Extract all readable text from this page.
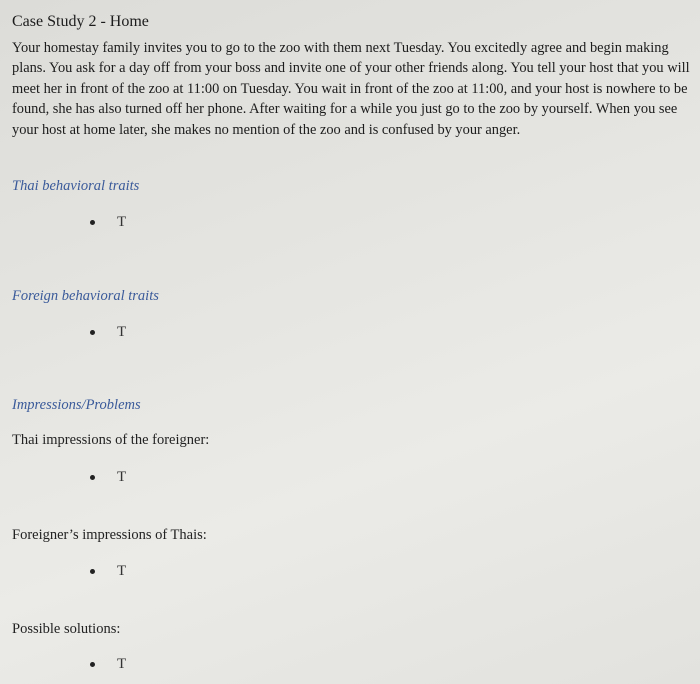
Case Study 2 - Home
Your homestay family invites you to go to the zoo with them next Tuesday. You excitedly agree and begin making plans. You ask for a day off from your boss and invite one of your other friends along. You tell your host that you will meet her in front of the zoo at 11:00 on Tuesday. You wait in front of the zoo at 11:00, and your host is nowhere to be found, she has also turned off her phone. After waiting for a while you just go to the zoo by yourself. When you see your host at home later, she makes no mention of the zoo and is confused by your anger.
Thai behavioral traits
T
Foreign behavioral traits
T
Impressions/Problems
Thai impressions of the foreigner:
T
Foreigner’s impressions of Thais:
T
Possible solutions:
T
